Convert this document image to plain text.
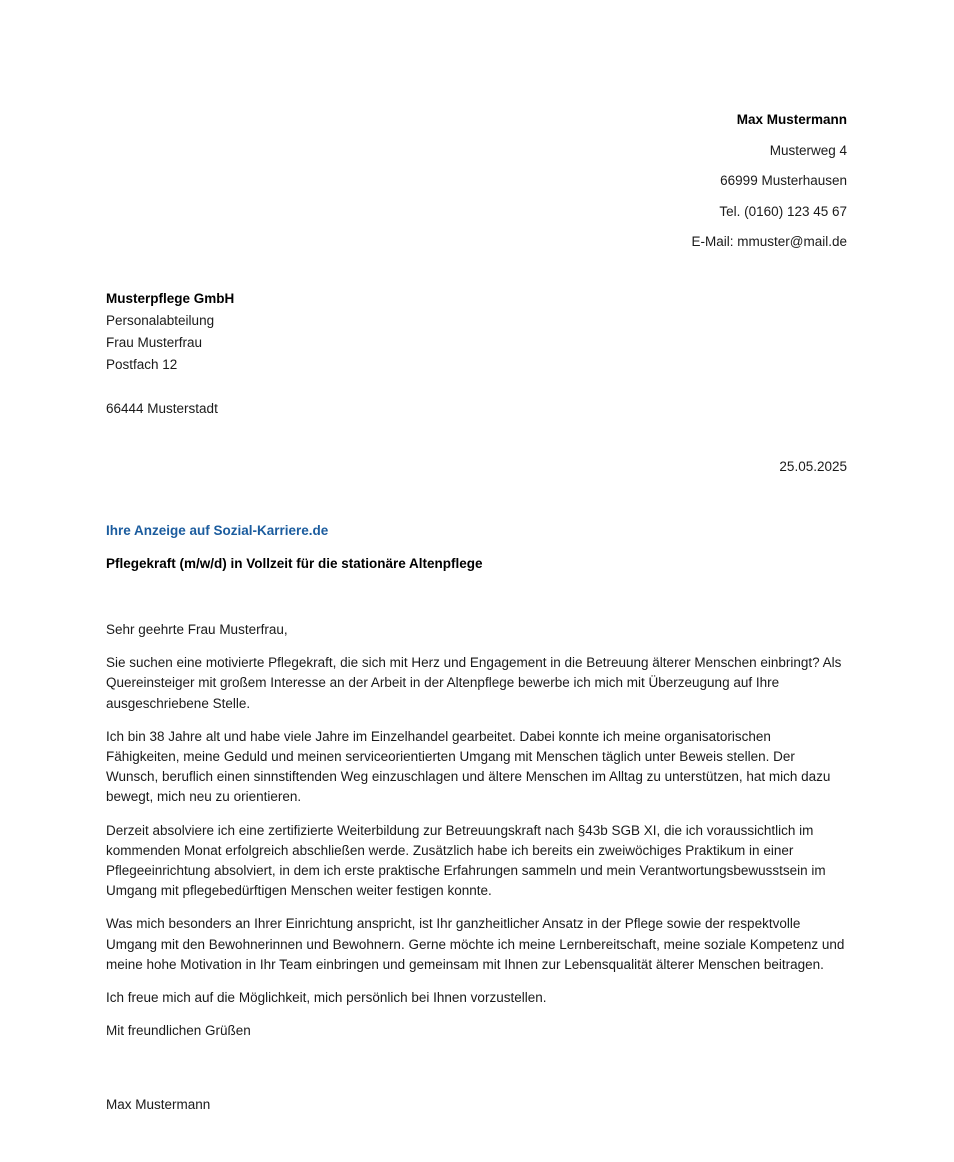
Max Mustermann
Musterweg 4
66999 Musterhausen
Tel. (0160) 123 45 67
E-Mail: mmuster@mail.de
Musterpflege GmbH
Personalabteilung
Frau Musterfrau
Postfach 12
66444 Musterstadt
25.05.2025
Ihre Anzeige auf Sozial-Karriere.de
Pflegekraft (m/w/d) in Vollzeit für die stationäre Altenpflege

Sehr geehrte Frau Musterfrau,

Sie suchen eine motivierte Pflegekraft, die sich mit Herz und Engagement in die Betreuung älterer Menschen einbringt? Als Quereinsteiger mit großem Interesse an der Arbeit in der Altenpflege bewerbe ich mich mit Überzeugung auf Ihre ausgeschriebene Stelle.

Ich bin 38 Jahre alt und habe viele Jahre im Einzelhandel gearbeitet. Dabei konnte ich meine organisatorischen Fähigkeiten, meine Geduld und meinen serviceorientierten Umgang mit Menschen täglich unter Beweis stellen. Der Wunsch, beruflich einen sinnstiftenden Weg einzuschlagen und ältere Menschen im Alltag zu unterstützen, hat mich dazu bewegt, mich neu zu orientieren.

Derzeit absolviere ich eine zertifizierte Weiterbildung zur Betreuungskraft nach §43b SGB XI, die ich voraussichtlich im kommenden Monat erfolgreich abschließen werde. Zusätzlich habe ich bereits ein zweiwöchiges Praktikum in einer Pflegeeinrichtung absolviert, in dem ich erste praktische Erfahrungen sammeln und mein Verantwortungsbewusstsein im Umgang mit pflegebedürftigen Menschen weiter festigen konnte.

Was mich besonders an Ihrer Einrichtung anspricht, ist Ihr ganzheitlicher Ansatz in der Pflege sowie der respektvolle Umgang mit den Bewohnerinnen und Bewohnern. Gerne möchte ich meine Lernbereitschaft, meine soziale Kompetenz und meine hohe Motivation in Ihr Team einbringen und gemeinsam mit Ihnen zur Lebensqualität älterer Menschen beitragen.

Ich freue mich auf die Möglichkeit, mich persönlich bei Ihnen vorzustellen.

Mit freundlichen Grüßen

Max Mustermann
